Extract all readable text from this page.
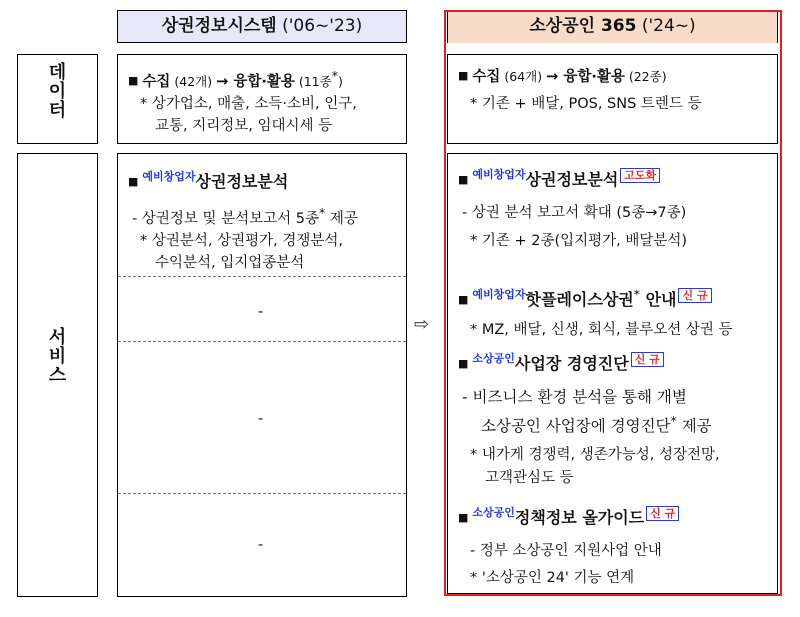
상권정보시스템 ('06~'23)	소상공인 365 ('24~)
데
이
터
서
비
스
■ 수집 (42개) → 융합·활용 (11종*)
* 상가업소, 매출, 소득·소비, 인구,
교통, 지리정보, 임대시세 등
■ $^{예비창업자}$상권정보분석
- 상권정보 및 분석보고서 5종* 제공
* 상권분석, 상권평가, 경쟁분석,
수익분석, 입지업종분석
-
-
-
⇨
■ 수집 (64개) → 융합·활용 (22종)
* 기존 + 배달, POS, SNS 트렌드 등
■ $^{예비창업자}$상권정보분석 고도화
- 상권 분석 보고서 확대 (5종→7종)
* 기존 + 2종(입지평가, 배달분석)
■ $^{예비창업자}$핫플레이스상권* 안내 신 규
* MZ, 배달, 신생, 회식, 블루오션 상권 등
■ $^{소상공인}$사업장 경영진단 신 규
- 비즈니스 환경 분석을 통해 개별
소상공인 사업장에 경영진단* 제공
* 내가게 경쟁력, 생존가능성, 성장전망,
고객관심도 등
■ $^{소상공인}$정책정보 올가이드 신 규
- 정부 소상공인 지원사업 안내
* '소상공인 24' 기능 연계
